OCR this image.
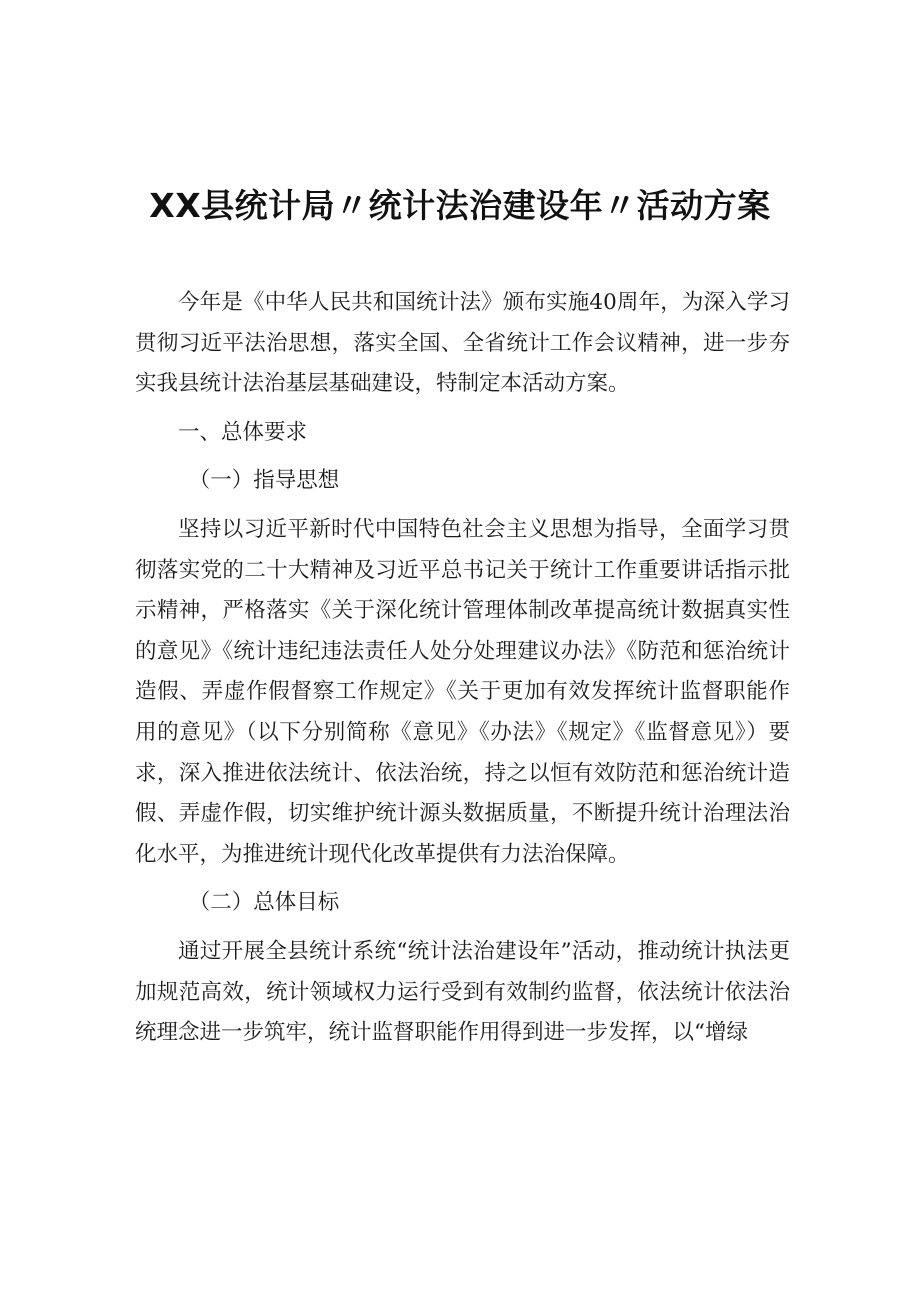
XX县统计局〃统计法治建设年〃活动方案

今年是《中华人民共和国统计法》颁布实施40周年，为深入学习贯彻习近平法治思想，落实全国、全省统计工作会议精神，进一步夯实我县统计法治基层基础建设，特制定本活动方案。

一、总体要求

（一）指导思想

坚持以习近平新时代中国特色社会主义思想为指导，全面学习贯彻落实党的二十大精神及习近平总书记关于统计工作重要讲话指示批示精神，严格落实《关于深化统计管理体制改革提高统计数据真实性的意见》《统计违纪违法责任人处分处理建议办法》《防范和惩治统计造假、弄虚作假督察工作规定》《关于更加有效发挥统计监督职能作用的意见》（以下分别简称《意见》《办法》《规定》《监督意见》）要求，深入推进依法统计、依法治统，持之以恒有效防范和惩治统计造假、弄虚作假，切实维护统计源头数据质量，不断提升统计治理法治化水平，为推进统计现代化改革提供有力法治保障。

（二）总体目标

通过开展全县统计系统“统计法治建设年”活动，推动统计执法更加规范高效，统计领域权力运行受到有效制约监督，依法统计依法治统理念进一步筑牢，统计监督职能作用得到进一步发挥，以“增绿
